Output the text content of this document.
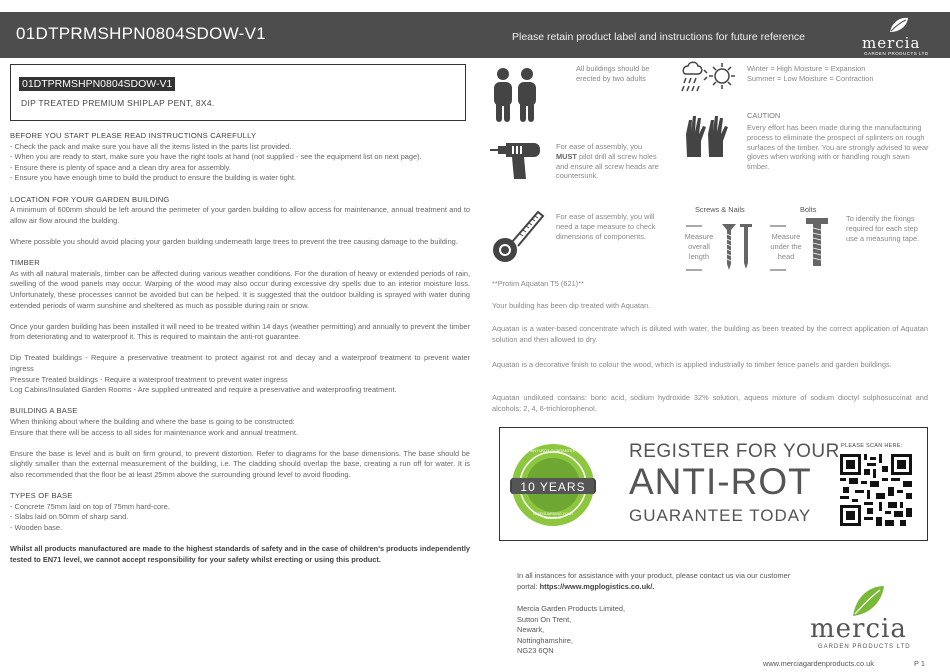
01DTPRMSHPN0804SDOW-V1	Please retain product label and instructions for future reference	mercia
GARDEN PRODUCTS LTD
01DTPRMSHPN0804SDOW-V1
DIP TREATED PREMIUM SHIPLAP PENT, 8X4.

BEFORE YOU START PLEASE READ INSTRUCTIONS CAREFULLY

- Check the pack and make sure you have all the items listed in the parts list provided.

- When you are ready to start, make sure you have the right tools at hand (not supplied - see the equipment list on next page).

- Ensure there is plenty of space and a clean dry area for assembly.

- Ensure you have enough time to build the product to ensure the building is water tight.

LOCATION FOR YOUR GARDEN BUILDING

A minimum of 600mm should be left around the perimeter of your garden building to allow access for maintenance, annual treatment and to allow air flow around the building.

Where possible you should avoid placing your garden building underneath large trees to prevent the tree causing damage to the building.

TIMBER

As with all natural materials, timber can be affected during various weather conditions. For the duration of heavy or extended periods of rain, swelling of the wood panels may occur. Warping of the wood may also occur during excessive dry spells due to an interior moisture loss. Unfortunately, these processes cannot be avoided but can be helped. It is suggested that the outdoor building is sprayed with water during extended periods of warm sunshine and sheltered as much as possible during rain or snow.

Once your garden building has been installed it will need to be treated within 14 days (weather permitting) and annually to prevent the timber from deteriorating and to waterproof it. This is required to maintain the anti-rot guarantee.

Dip Treated buildings - Require a preservative treatment to protect against rot and decay and a waterproof treatment to prevent water ingress

Pressure Treated buildings - Require a waterproof treatment to prevent water ingress

Log Cabins/Insulated Garden Rooms - Are supplied untreated and require a preservative and waterproofing treatment.

BUILDING A BASE

When thinking about where the building and where the base is going to be constructed:

Ensure that there will be access to all sides for maintenance work and annual treatment.

Ensure the base is level and is built on firm ground, to prevent distortion. Refer to diagrams for the base dimensions. The base should be slightly smaller than the external measurement of the building, i.e. The cladding should overlap the base, creating a run off for water. It is also recommended that the floor be at least 25mm above the surrounding ground level to avoid flooding.

TYPES OF BASE

- Concrete 75mm laid on top of 75mm hard-core.

- Slabs laid on 50mm of sharp sand.

- Wooden base.

Whilst all products manufactured are made to the highest standards of safety and in the case of children's products independently tested to EN71 level, we cannot accept responsibility for your safety whilst erecting or using this product.

All buildings should be erected by two adults
Winter = High Moisture = Expansion
Summer = Low Moisture = Contraction
CAUTION
Every effort has been made during the manufacturing process to eliminate the prospect of splinters on rough surfaces of the timber. You are strongly advised to wear gloves when working with or handling rough sawn timber.
For ease of assembly, you MUST pilot drill all screw holes and ensure all screw heads are countersunk.
For ease of assembly, you will need a tape measure to check dimensions of components.
Screws & Nails	Bolts
Measure overall length
Measure under the head
To identify the fixings required for each step use a measuring tape.
**Protim Aquatan T5 (621)**
Your building has been dip treated with Aquatan.
Aquatan is a water-based concentrate which is diluted with water, the building as been treated by the correct application of Aquatan solution and then allowed to dry.
Aquatan is a decorative finish to colour the wood, which is applied industrially to timber fence panels and garden buildings.
Aquatan undiluted contains: boric acid, sodium hydroxide 32% solution, aqueos mixture of sodium dioctyl sulphosuccinat and alcohols: 2, 4, 6-trichlorophenol.
ANTI-ROT GUARANTEE
10 YEARS
SAFEGUARDING YOUR BUILDING
REGISTER FOR YOUR
ANTI-ROT
GUARANTEE TODAY
PLEASE SCAN HERE:
In all instances for assistance with your product, please contact us via our customer
portal: https://www.mgplogistics.co.uk/.
Mercia Garden Products Limited,
Sutton On Trent,
Newark,
Nottinghamshire,
NG23 6QN
mercia
GARDEN PRODUCTS LTD
www.merciagardenproducts.co.uk	P 1
